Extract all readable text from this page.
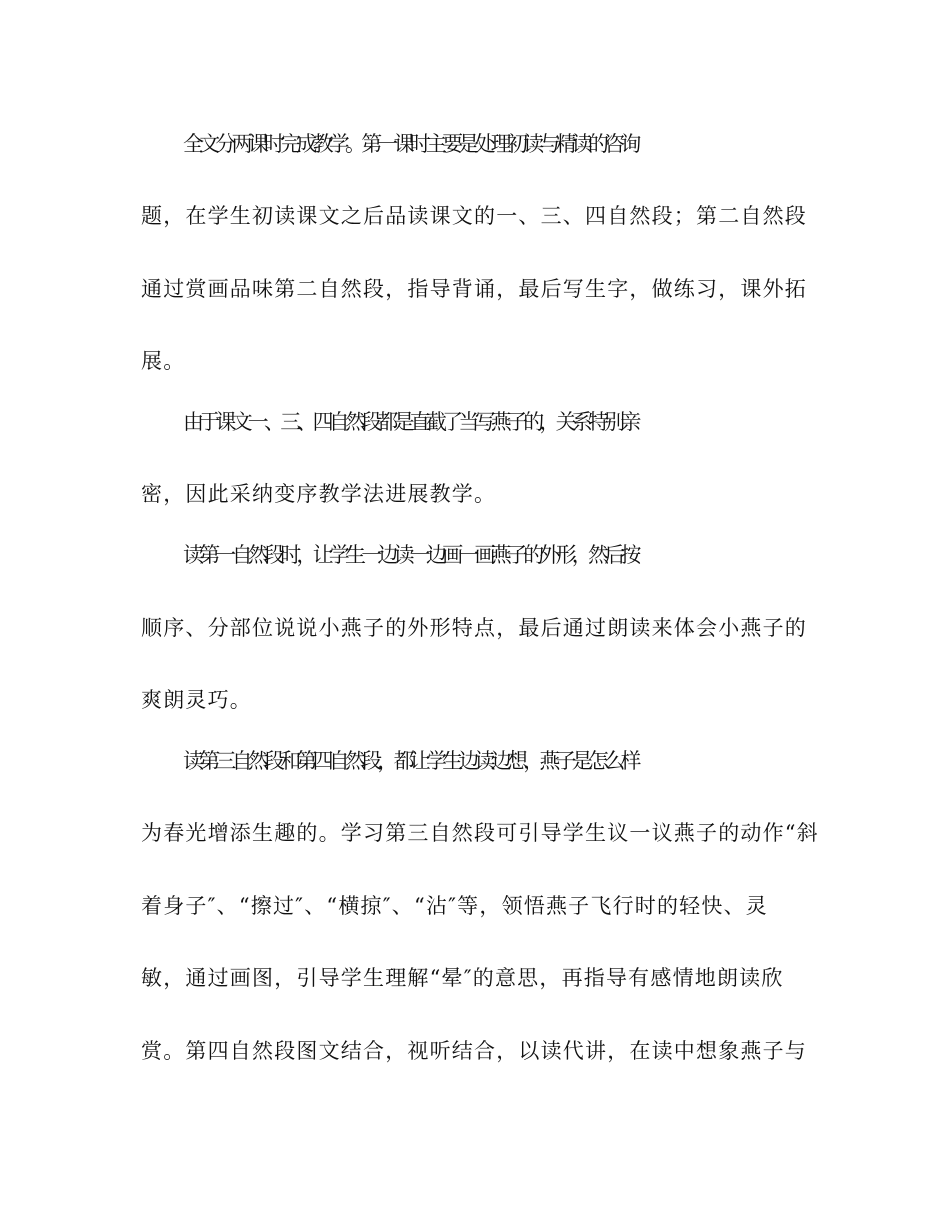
全文分两课时完成教学。第一课时主要是处理初读与精读的咨询
题，在学生初读课文之后品读课文的一、三、四自然段；第二自然段
通过赏画品味第二自然段，指导背诵，最后写生字，做练习，课外拓
展。
由于课文一、三、四自然段都是直截了当写燕子的，关系特别亲
密，因此采纳变序教学法进展教学。
读第一自然段时，让学生一边读一边画一画燕子的外形，然后按
顺序、分部位说说小燕子的外形特点，最后通过朗读来体会小燕子的
爽朗灵巧。
读第三自然段和第四自然段，都让学生边读边想，燕子是怎么样
为春光增添生趣的。学习第三自然段可引导学生议一议燕子的动作“斜
着身子″、“擦过″、“横掠″、“沾″等，领悟燕子飞行时的轻快、灵
敏，通过画图，引导学生理解“晕″的意思，再指导有感情地朗读欣
赏。第四自然段图文结合，视听结合，以读代讲，在读中想象燕子与
